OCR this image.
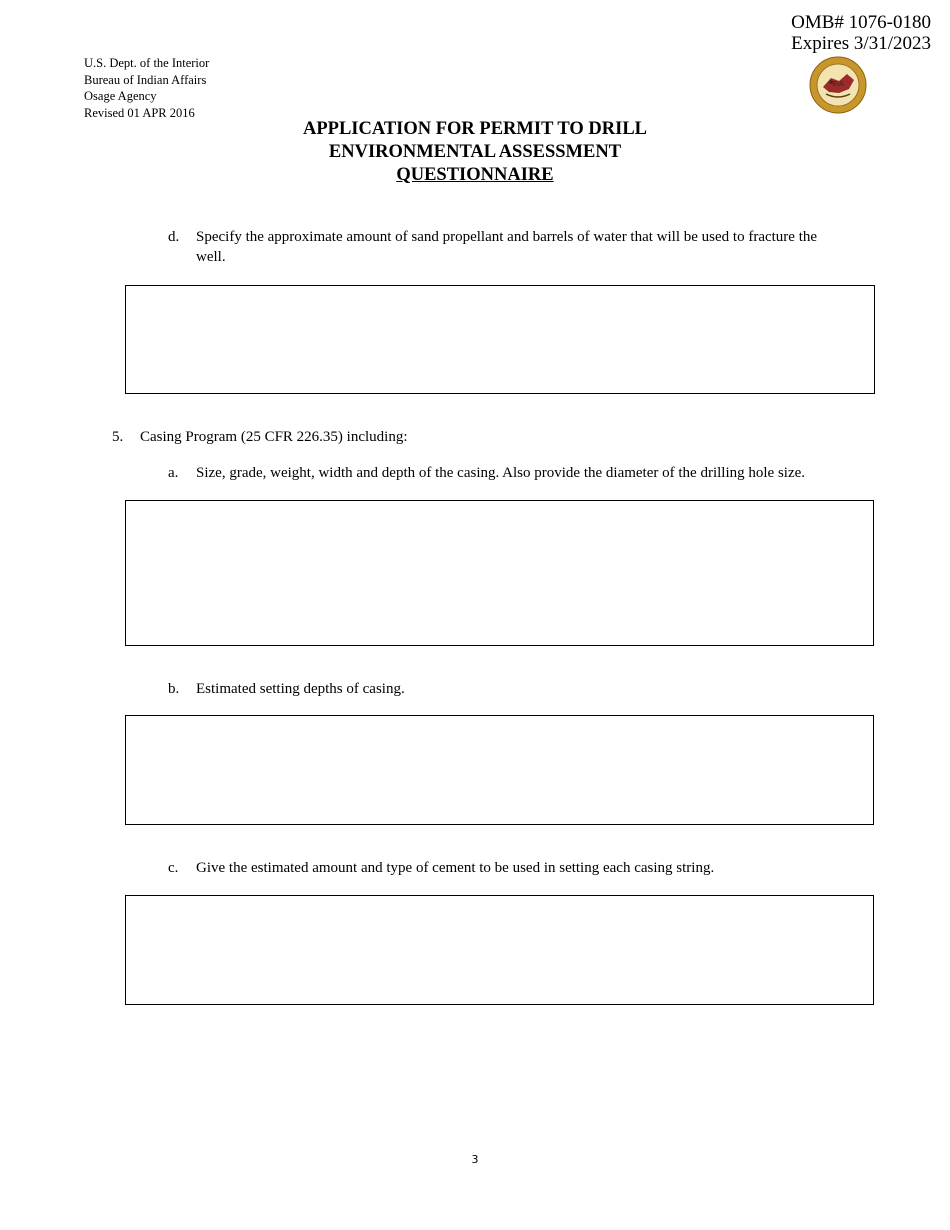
OMB# 1076-0180
Expires 3/31/2023
BIA
U.S. Dept. of the Interior
Bureau of Indian Affairs
Osage Agency
Revised 01 APR 2016
APPLICATION FOR PERMIT TO DRILL
ENVIRONMENTAL ASSESSMENT
QUESTIONNAIRE
d.	Specify the approximate amount of sand propellant and barrels of water that will be used to fracture the well.
5.	Casing Program (25 CFR 226.35) including:
a.	Size, grade, weight, width and depth of the casing. Also provide the diameter of the drilling hole size.
b.	Estimated setting depths of casing.
c.	Give the estimated amount and type of cement to be used in setting each casing string.
3
